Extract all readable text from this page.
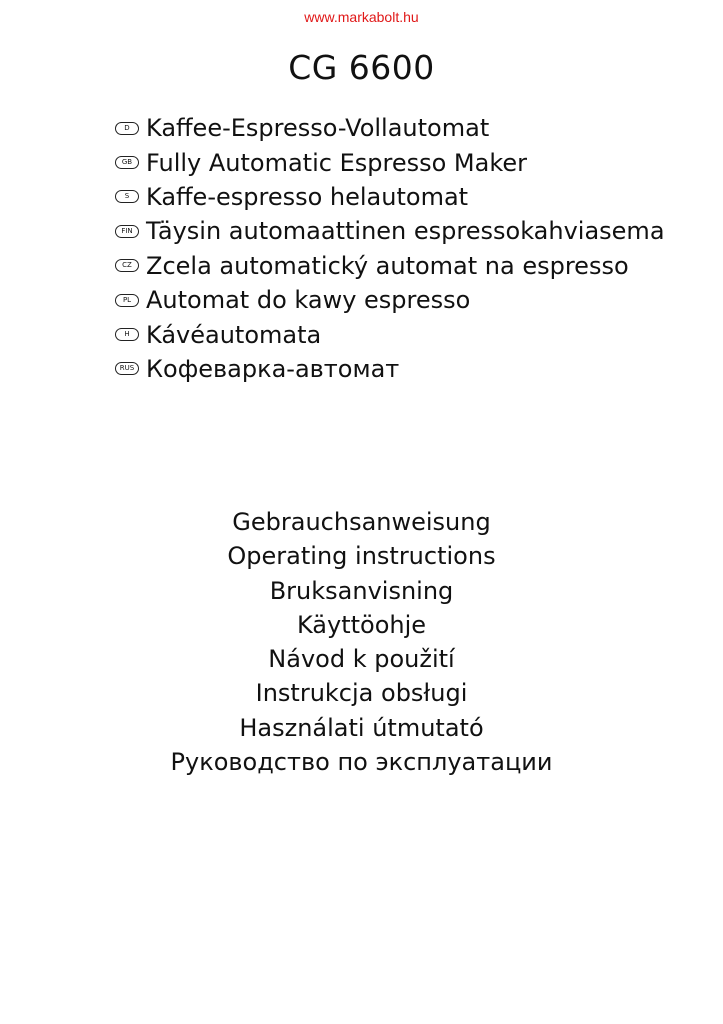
www.markabolt.hu
CG 6600
D Kaffee-Espresso-Vollautomat
GB Fully Automatic Espresso Maker
S Kaffe-espresso helautomat
FIN Täysin automaattinen espressokahviasema
CZ Zcela automatický automat na espresso
PL Automat do kawy espresso
H Kávéautomata
RUS Кофеварка-автомат
Gebrauchsanweisung
Operating instructions
Bruksanvisning
Käyttöohje
Návod k použití
Instrukcja obsługi
Használati útmutató
Руководство по эксплуатации
